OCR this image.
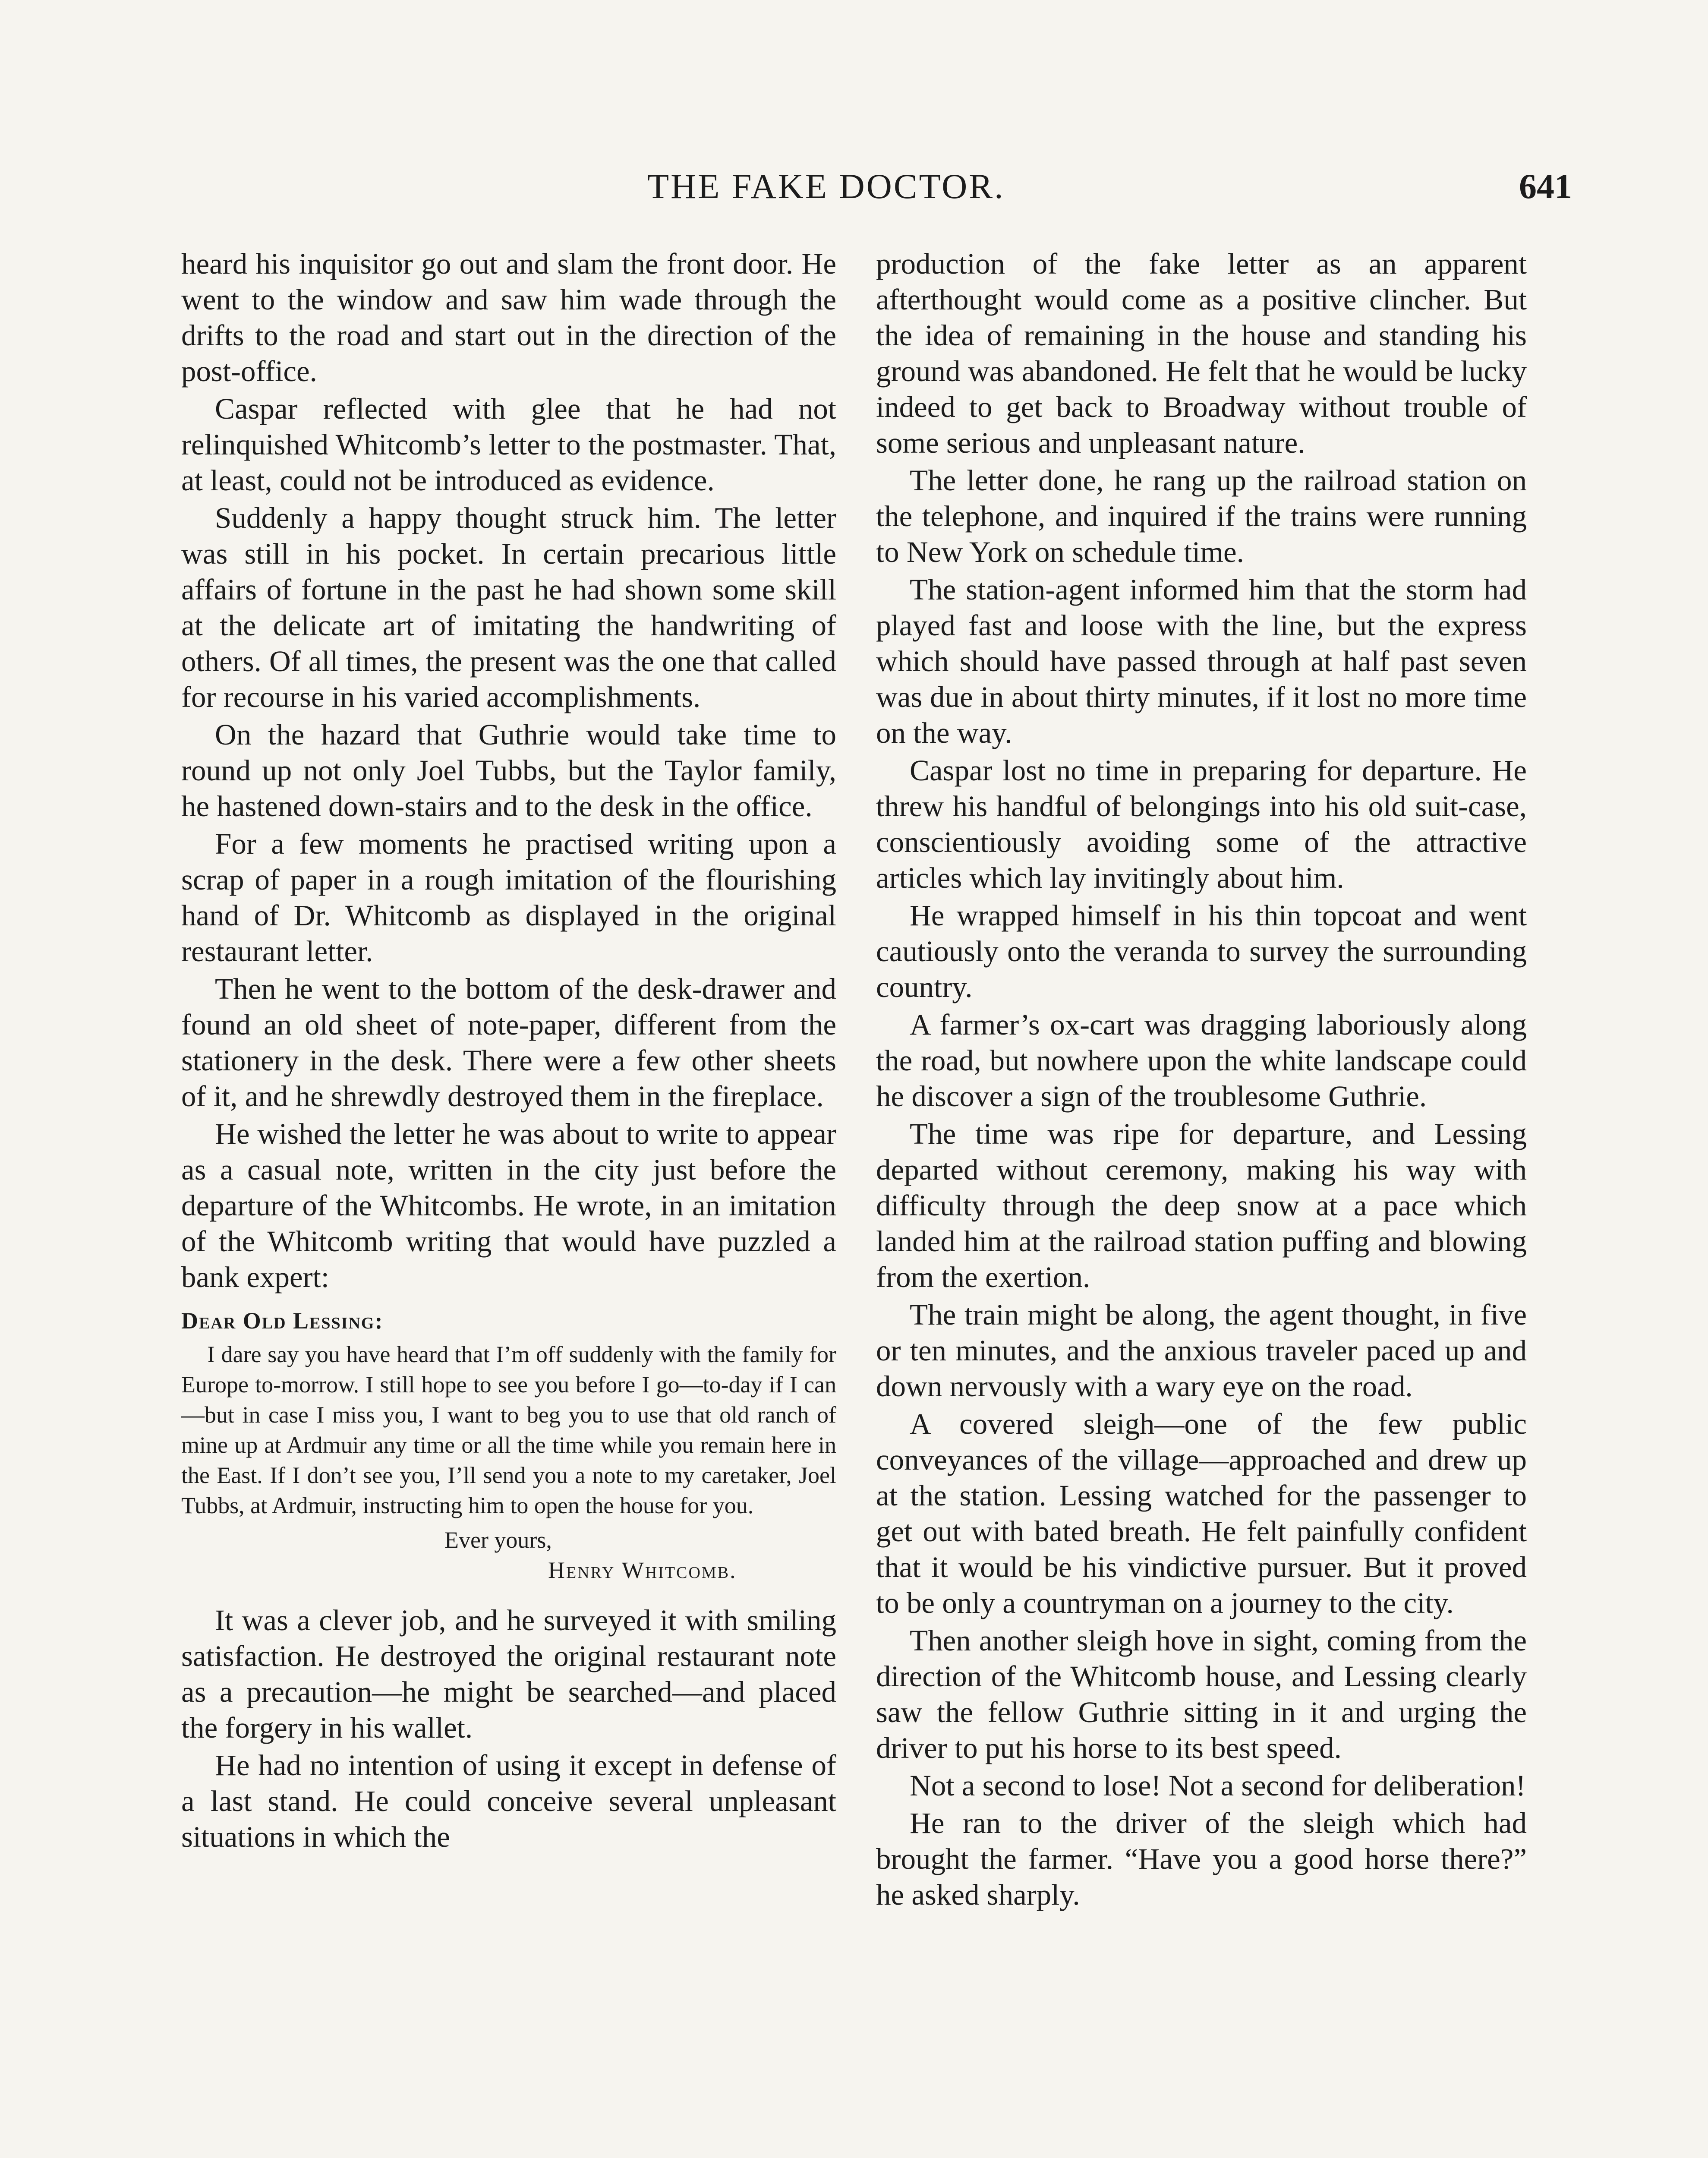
THE FAKE DOCTOR.	641

heard his inquisitor go out and slam the front door. He went to the window and saw him wade through the drifts to the road and start out in the direction of the post-office.

Caspar reflected with glee that he had not relinquished Whitcomb’s letter to the postmaster. That, at least, could not be introduced as evidence.

Suddenly a happy thought struck him. The letter was still in his pocket. In certain precarious little affairs of fortune in the past he had shown some skill at the delicate art of imitating the handwriting of others. Of all times, the present was the one that called for recourse in his varied accomplishments.

On the hazard that Guthrie would take time to round up not only Joel Tubbs, but the Taylor family, he hastened down-stairs and to the desk in the office.

For a few moments he practised writing upon a scrap of paper in a rough imitation of the flourishing hand of Dr. Whitcomb as displayed in the original restaurant letter.

Then he went to the bottom of the desk-drawer and found an old sheet of note-paper, different from the stationery in the desk. There were a few other sheets of it, and he shrewdly destroyed them in the fireplace.

He wished the letter he was about to write to appear as a casual note, written in the city just before the departure of the Whitcombs. He wrote, in an imitation of the Whitcomb writing that would have puzzled a bank expert:

Dear Old Lessing:

I dare say you have heard that I’m off suddenly with the family for Europe to-morrow. I still hope to see you before I go—to-day if I can—but in case I miss you, I want to beg you to use that old ranch of mine up at Ardmuir any time or all the time while you remain here in the East. If I don’t see you, I’ll send you a note to my caretaker, Joel Tubbs, at Ardmuir, instructing him to open the house for you.

Ever yours,

Henry Whitcomb.

It was a clever job, and he surveyed it with smiling satisfaction. He destroyed the original restaurant note as a precaution—he might be searched—and placed the forgery in his wallet.

He had no intention of using it except in defense of a last stand. He could conceive several unpleasant situations in which the

production of the fake letter as an apparent afterthought would come as a positive clincher. But the idea of remaining in the house and standing his ground was abandoned. He felt that he would be lucky indeed to get back to Broadway without trouble of some serious and unpleasant nature.

The letter done, he rang up the railroad station on the telephone, and inquired if the trains were running to New York on schedule time.

The station-agent informed him that the storm had played fast and loose with the line, but the express which should have passed through at half past seven was due in about thirty minutes, if it lost no more time on the way.

Caspar lost no time in preparing for departure. He threw his handful of belongings into his old suit-case, conscientiously avoiding some of the attractive articles which lay invitingly about him.

He wrapped himself in his thin topcoat and went cautiously onto the veranda to survey the surrounding country.

A farmer’s ox-cart was dragging laboriously along the road, but nowhere upon the white landscape could he discover a sign of the troublesome Guthrie.

The time was ripe for departure, and Lessing departed without ceremony, making his way with difficulty through the deep snow at a pace which landed him at the railroad station puffing and blowing from the exertion.

The train might be along, the agent thought, in five or ten minutes, and the anxious traveler paced up and down nervously with a wary eye on the road.

A covered sleigh—one of the few public conveyances of the village—approached and drew up at the station. Lessing watched for the passenger to get out with bated breath. He felt painfully confident that it would be his vindictive pursuer. But it proved to be only a countryman on a journey to the city.

Then another sleigh hove in sight, coming from the direction of the Whitcomb house, and Lessing clearly saw the fellow Guthrie sitting in it and urging the driver to put his horse to its best speed.

Not a second to lose! Not a second for deliberation!

He ran to the driver of the sleigh which had brought the farmer. “Have you a good horse there?” he asked sharply.
